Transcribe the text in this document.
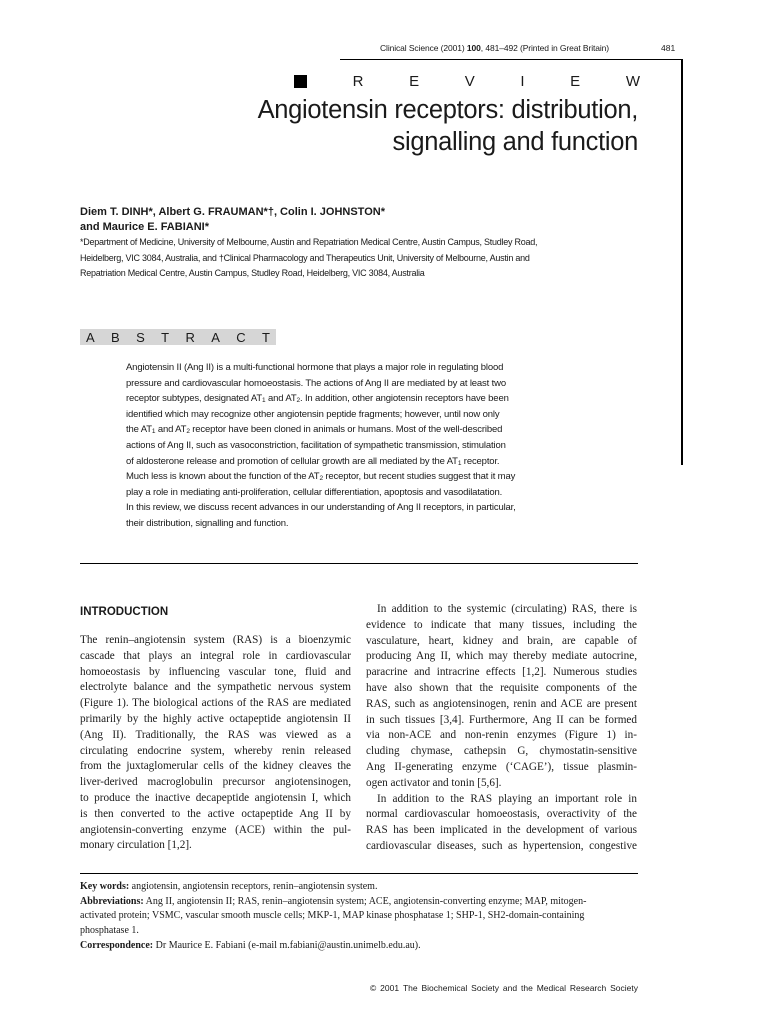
Clinical Science (2001) 100, 481–492 (Printed in Great Britain)	481
R	E	V	I	E	W
Angiotensin receptors: distribution,
signalling and function
Diem T. DINH*, Albert G. FRAUMAN*†, Colin I. JOHNSTON*
and Maurice E. FABIANI*
*Department of Medicine, University of Melbourne, Austin and Repatriation Medical Centre, Austin Campus, Studley Road,
Heidelberg, VIC 3084, Australia, and †Clinical Pharmacology and Therapeutics Unit, University of Melbourne, Austin and
Repatriation Medical Centre, Austin Campus, Studley Road, Heidelberg, VIC 3084, Australia
A B S T R A C T
Angiotensin II (Ang II) is a multi-functional hormone that plays a major role in regulating blood
pressure and cardiovascular homoeostasis. The actions of Ang II are mediated by at least two
receptor subtypes, designated $AT_1$ and $AT_2$. In addition, other angiotensin receptors have been
identified which may recognize other angiotensin peptide fragments; however, until now only
the $AT_1$ and $AT_2$ receptor have been cloned in animals or humans. Most of the well-described
actions of Ang II, such as vasoconstriction, facilitation of sympathetic transmission, stimulation
of aldosterone release and promotion of cellular growth are all mediated by the $AT_1$ receptor.
Much less is known about the function of the $AT_2$ receptor, but recent studies suggest that it may
play a role in mediating anti-proliferation, cellular differentiation, apoptosis and vasodilatation.
In this review, we discuss recent advances in our understanding of Ang II receptors, in particular,
their distribution, signalling and function.
INTRODUCTION
The renin–angiotensin system (RAS) is a bioenzymic
cascade that plays an integral role in cardiovascular
homoeostasis by influencing vascular tone, fluid and
electrolyte balance and the sympathetic nervous system
(Figure 1). The biological actions of the RAS are mediated
primarily by the highly active octapeptide angiotensin II
(Ang II). Traditionally, the RAS was viewed as a
circulating endocrine system, whereby renin released
from the juxtaglomerular cells of the kidney cleaves the
liver-derived macroglobulin precursor angiotensinogen,
to produce the inactive decapeptide angiotensin I, which
is then converted to the active octapeptide Ang II by
angiotensin-converting enzyme (ACE) within the pul-
monary circulation [1,2].
In addition to the systemic (circulating) RAS, there is
evidence to indicate that many tissues, including the
vasculature, heart, kidney and brain, are capable of
producing Ang II, which may thereby mediate autocrine,
paracrine and intracrine effects [1,2]. Numerous studies
have also shown that the requisite components of the
RAS, such as angiotensinogen, renin and ACE are present
in such tissues [3,4]. Furthermore, Ang II can be formed
via non-ACE and non-renin enzymes (Figure 1) in-
cluding chymase, cathepsin G, chymostatin-sensitive
Ang II-generating enzyme (‘CAGE’), tissue plasmin-
ogen activator and tonin [5,6].
In addition to the RAS playing an important role in
normal cardiovascular homoeostasis, overactivity of the
RAS has been implicated in the development of various
cardiovascular diseases, such as hypertension, congestive
Key words: angiotensin, angiotensin receptors, renin–angiotensin system.
Abbreviations: Ang II, angiotensin II; RAS, renin–angiotensin system; ACE, angiotensin-converting enzyme; MAP, mitogen-
activated protein; VSMC, vascular smooth muscle cells; MKP-1, MAP kinase phosphatase 1; SHP-1, SH2-domain-containing
phosphatase 1.
Correspondence: Dr Maurice E. Fabiani (e-mail m.fabiani@austin.unimelb.edu.au).
© 2001 The Biochemical Society and the Medical Research Society
